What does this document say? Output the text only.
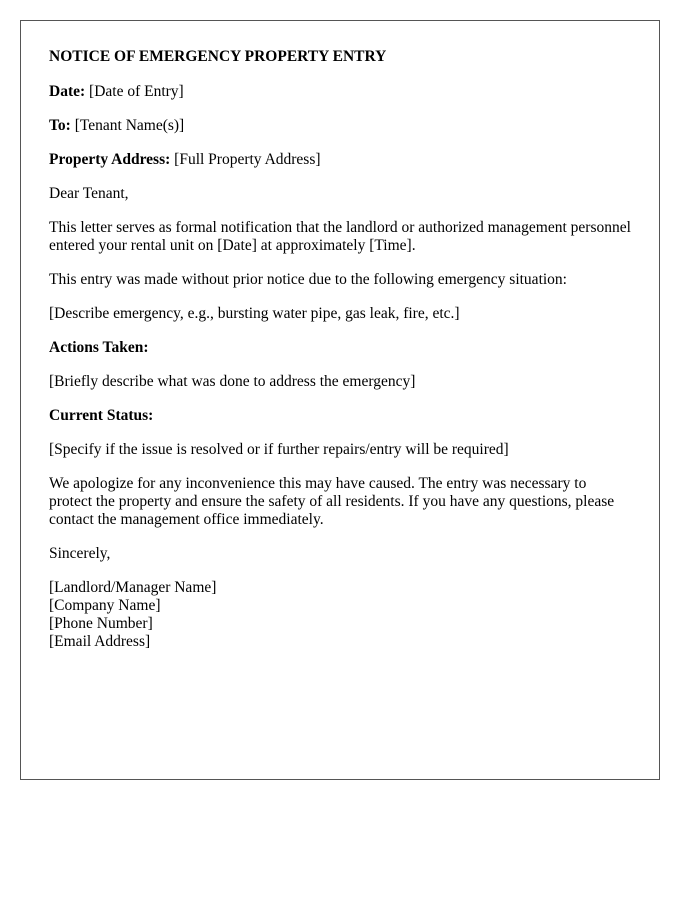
NOTICE OF EMERGENCY PROPERTY ENTRY

Date: [Date of Entry]

To: [Tenant Name(s)]

Property Address: [Full Property Address]

Dear Tenant,

This letter serves as formal notification that the landlord or authorized management personnel entered your rental unit on [Date] at approximately [Time].

This entry was made without prior notice due to the following emergency situation:

[Describe emergency, e.g., bursting water pipe, gas leak, fire, etc.]

Actions Taken:

[Briefly describe what was done to address the emergency]

Current Status:

[Specify if the issue is resolved or if further repairs/entry will be required]

We apologize for any inconvenience this may have caused. The entry was necessary to protect the property and ensure the safety of all residents. If you have any questions, please contact the management office immediately.

Sincerely,

[Landlord/Manager Name]

[Company Name]

[Phone Number]

[Email Address]
